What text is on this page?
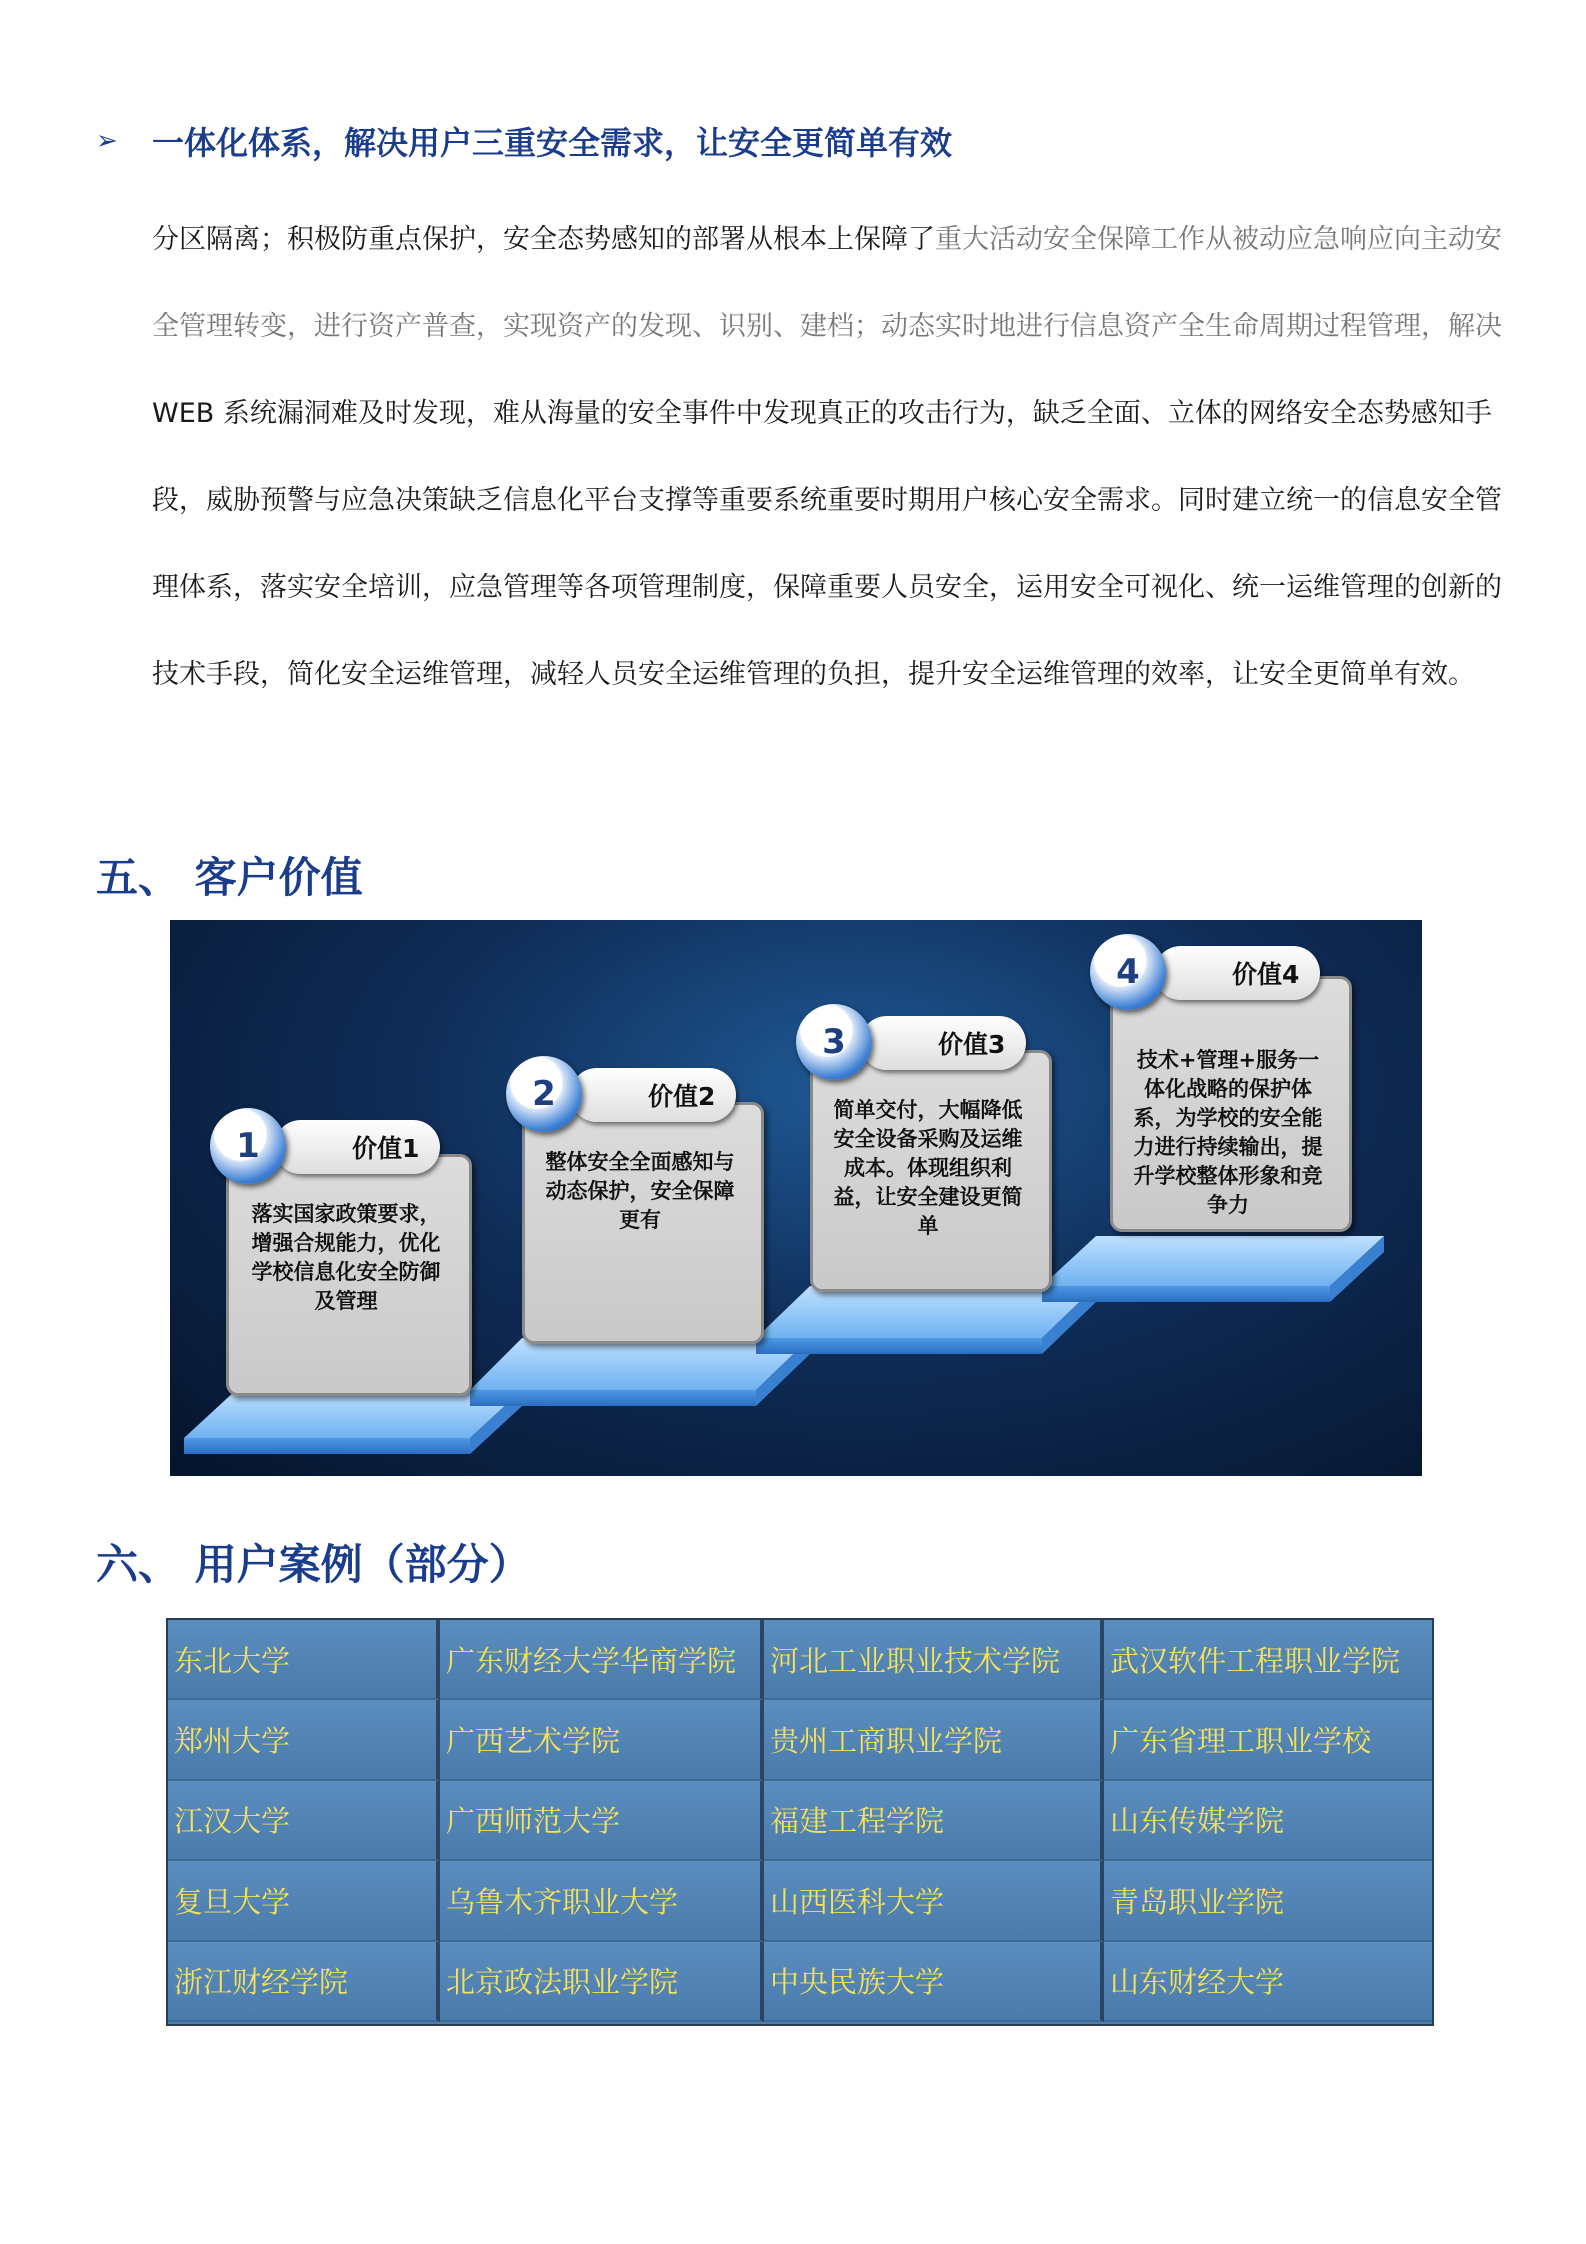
➢	一体化体系，解决用户三重安全需求，让安全更简单有效

分区隔离；积极防重点保护，安全态势感知的部署从根本上保障了重大活动安全保障工作从被动应急响应向主动安全管理转变，进行资产普查，实现资产的发现、识别、建档；动态实时地进行信息资产全生命周期过程管理，解决 WEB 系统漏洞难及时发现，难从海量的安全事件中发现真正的攻击行为，缺乏全面、立体的网络安全态势感知手段，威胁预警与应急决策缺乏信息化平台支撑等重要系统重要时期用户核心安全需求。同时建立统一的信息安全管理体系，落实安全培训，应急管理等各项管理制度，保障重要人员安全，运用安全可视化、统一运维管理的创新的技术手段，简化安全运维管理，减轻人员安全运维管理的负担，提升安全运维管理的效率，让安全更简单有效。

五、 客户价值
落实国家政策要求，增强合规能力，优化学校信息化安全防御及管理
价值1
1	整体安全全面感知与动态保护，安全保障更有
价值2
2	简单交付，大幅降低安全设备采购及运维成本。体现组织利益，让安全建设更简单
价值3
3	技术+管理+服务一体化战略的保护体系，为学校的安全能力进行持续输出，提升学校整体形象和竞争力
价值4
4
六、 用户案例（部分）
东北大学	广东财经大学华商学院	河北工业职业技术学院	武汉软件工程职业学院
郑州大学	广西艺术学院	贵州工商职业学院	广东省理工职业学校
江汉大学	广西师范大学	福建工程学院	山东传媒学院
复旦大学	乌鲁木齐职业大学	山西医科大学	青岛职业学院
浙江财经学院	北京政法职业学院	中央民族大学	山东财经大学
